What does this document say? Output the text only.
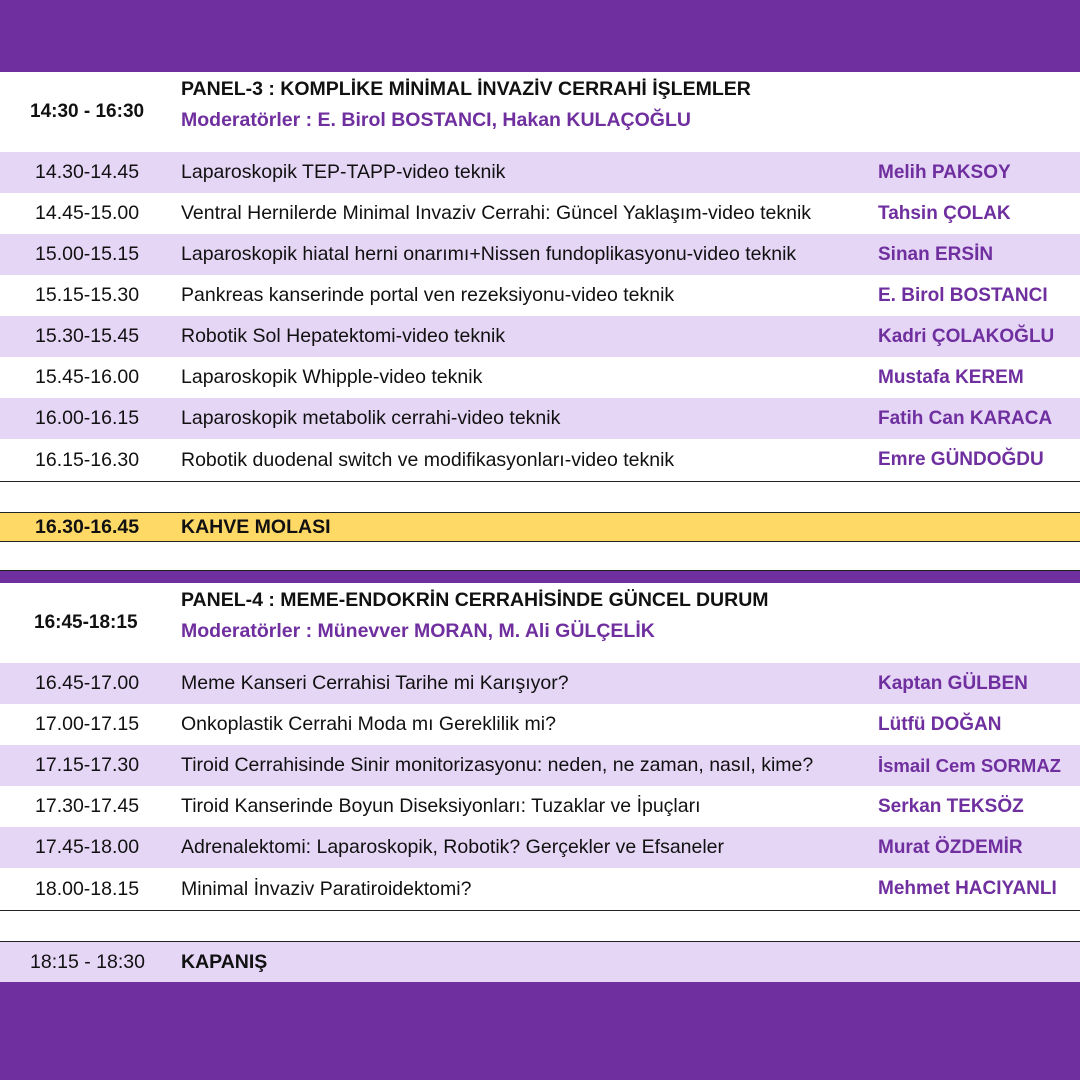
14:30 - 16:30
PANEL-3 : KOMPLİKE MİNİMAL İNVAZİV CERRAHİ İŞLEMLER
Moderatörler : E. Birol BOSTANCI, Hakan KULAÇOĞLU
14.30-14.45 Laparoskopik TEP-TAPP-video teknik	Melih PAKSOY
14.45-15.00 Ventral Hernilerde Minimal Invaziv Cerrahi: Güncel Yaklaşım-video teknik	Tahsin ÇOLAK
15.00-15.15 Laparoskopik hiatal herni onarımı+Nissen fundoplikasyonu-video teknik	Sinan ERSİN
15.15-15.30 Pankreas kanserinde portal ven rezeksiyonu-video teknik	E. Birol BOSTANCI
15.30-15.45 Robotik Sol Hepatektomi-video teknik	Kadri ÇOLAKOĞLU
15.45-16.00 Laparoskopik Whipple-video teknik	Mustafa KEREM
16.00-16.15 Laparoskopik metabolik cerrahi-video teknik	Fatih Can KARACA
16.15-16.30 Robotik duodenal switch ve modifikasyonları-video teknik	Emre GÜNDOĞDU
16.30-16.45 KAHVE MOLASI
16:45-18:15
PANEL-4 : MEME-ENDOKRİN CERRAHİSİNDE GÜNCEL DURUM
Moderatörler : Münevver MORAN, M. Ali GÜLÇELİK
16.45-17.00 Meme Kanseri Cerrahisi Tarihe mi Karışıyor?	Kaptan GÜLBEN
17.00-17.15 Onkoplastik Cerrahi Moda mı Gereklilik mi?	Lütfü DOĞAN
17.15-17.30 Tiroid Cerrahisinde Sinir monitorizasyonu: neden, ne zaman, nasıl, kime?	İsmail Cem SORMAZ
17.30-17.45 Tiroid Kanserinde Boyun Diseksiyonları: Tuzaklar ve İpuçları	Serkan TEKSÖZ
17.45-18.00 Adrenalektomi: Laparoskopik, Robotik? Gerçekler ve Efsaneler	Murat ÖZDEMİR
18.00-18.15 Minimal İnvaziv Paratiroidektomi?	Mehmet HACIYANLI
18:15 - 18:30 KAPANIŞ
